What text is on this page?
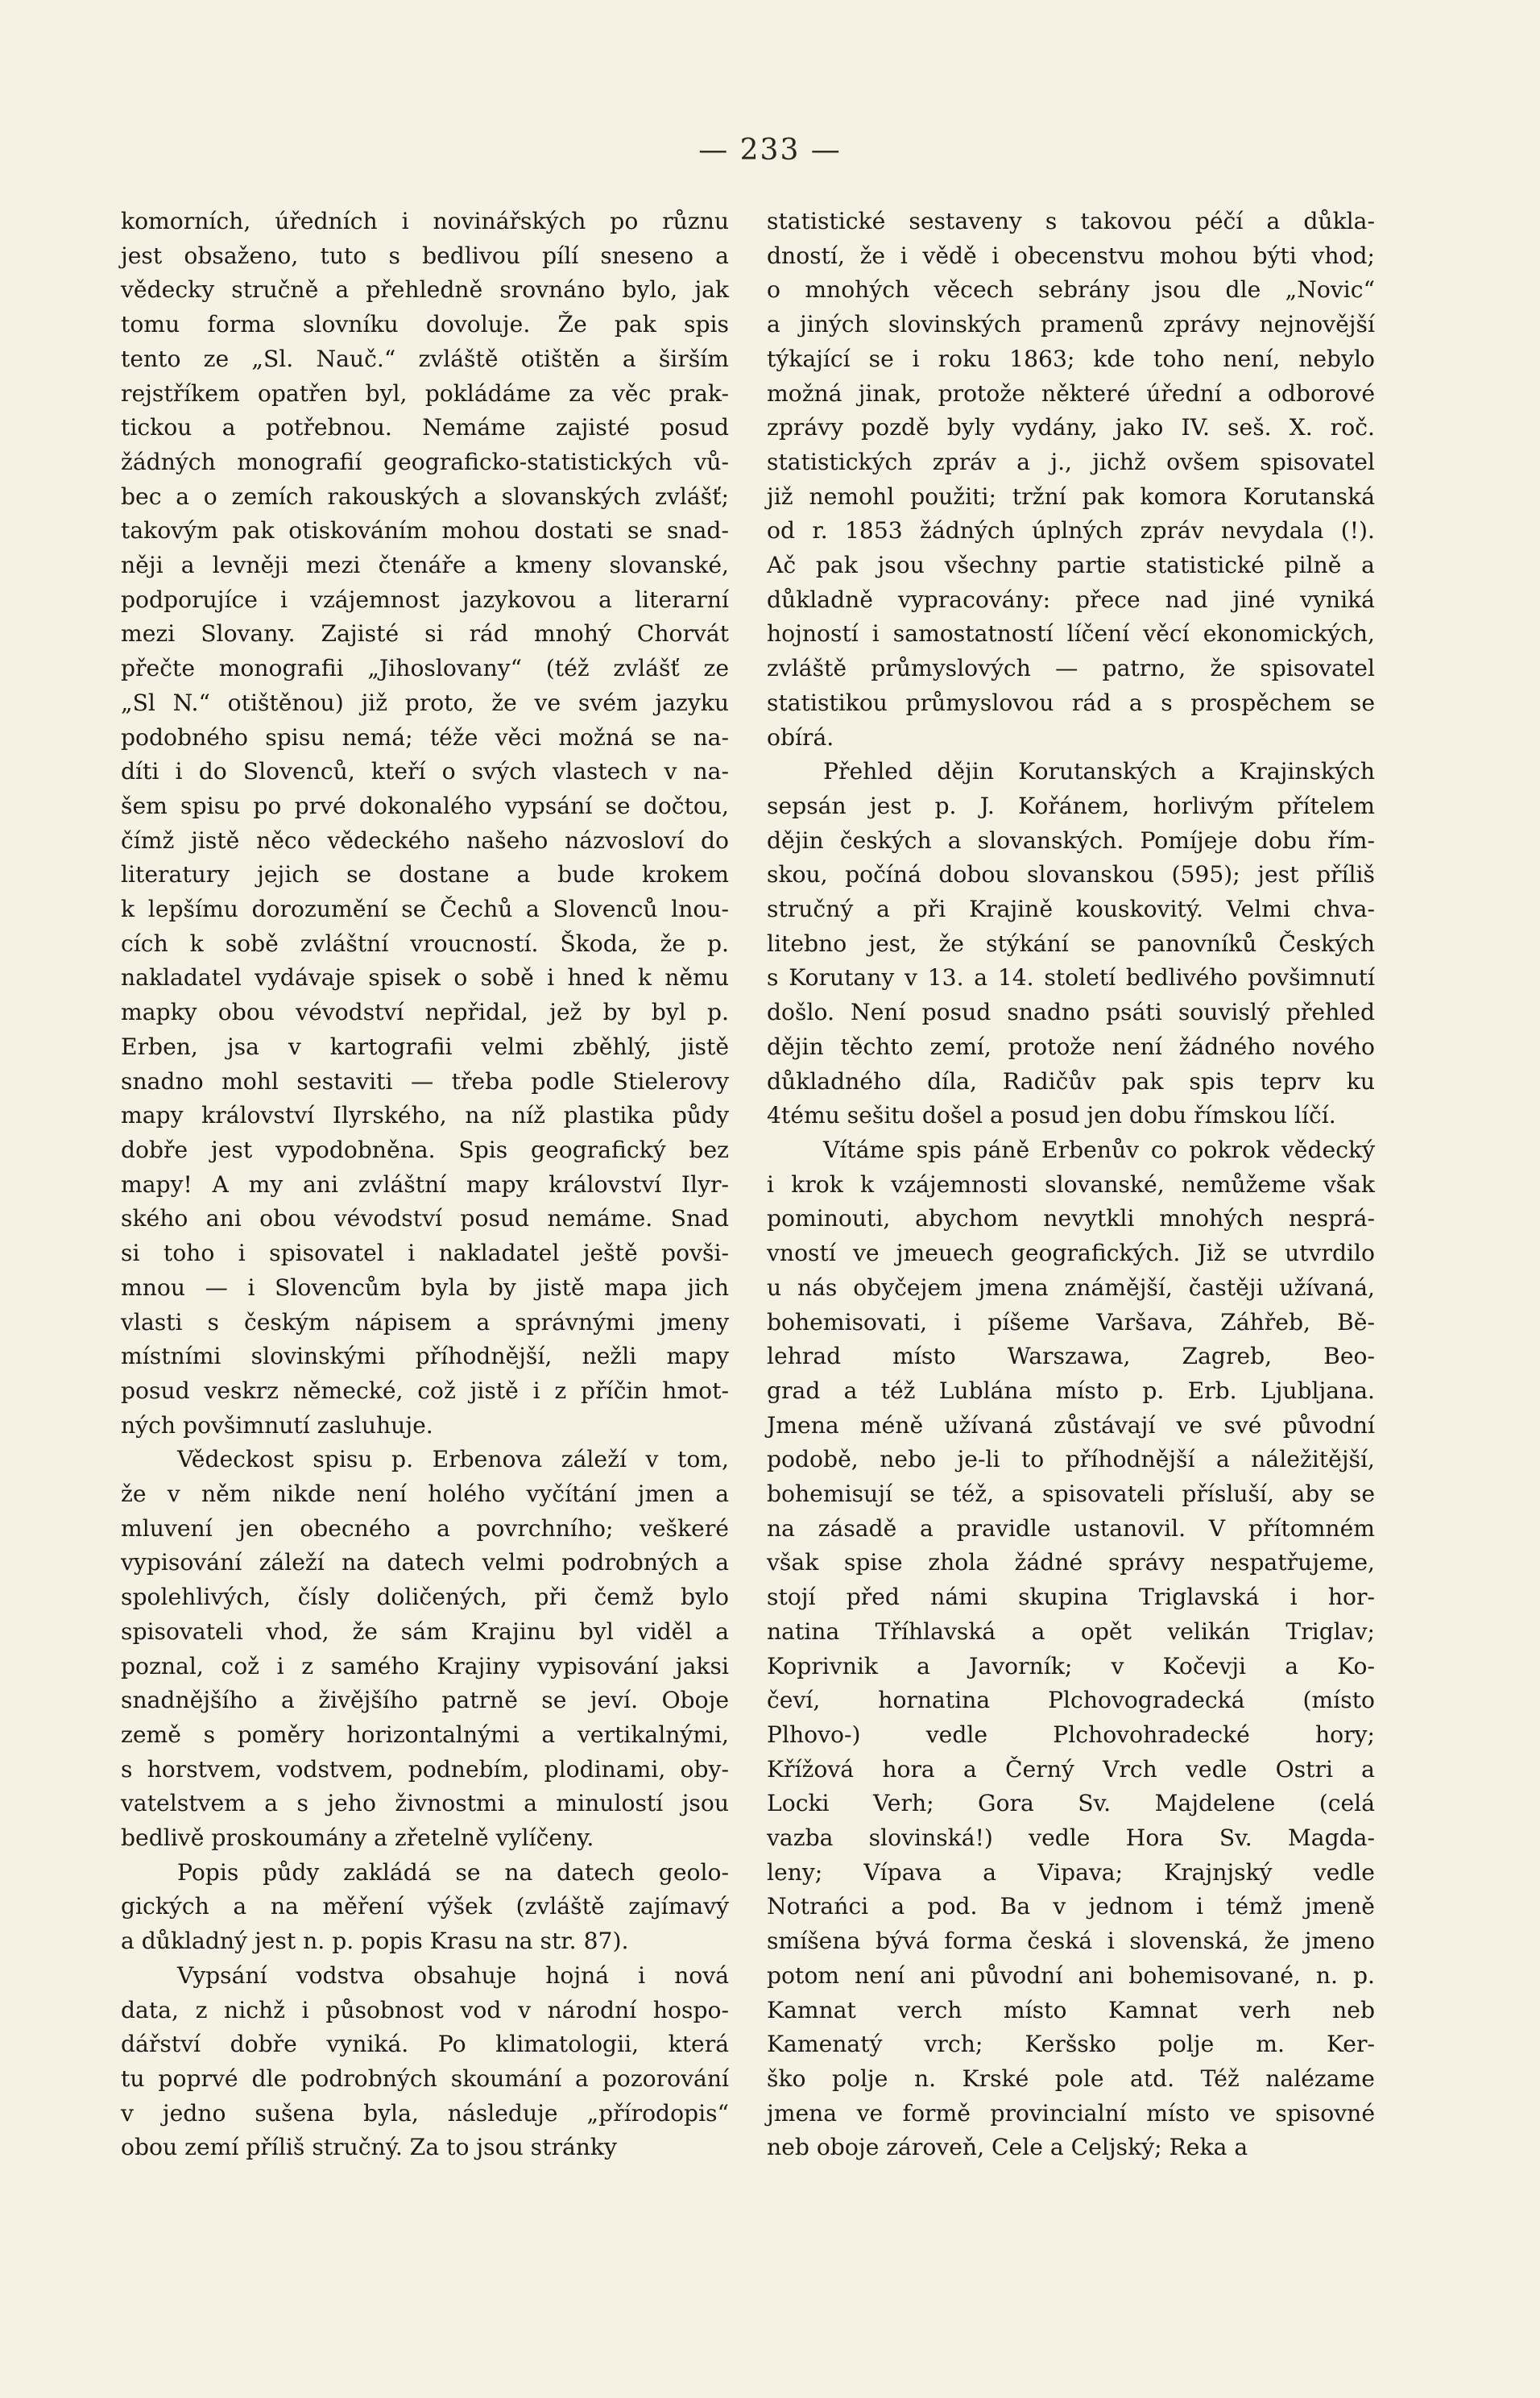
— 233 —

komorních, úředních i novinářských po různu
jest obsaženo, tuto s bedlivou pílí sneseno a
vědecky stručně a přehledně srovnáno bylo, jak
tomu forma slovníku dovoluje. Že pak spis
tento ze „Sl. Nauč.“ zvláště otištěn a širším
rejstříkem opatřen byl, pokládáme za věc prak-
tickou a potřebnou. Nemáme zajisté posud
žádných monografií geograficko-statistických vů-
bec a o zemích rakouských a slovanských zvlášť;
takovým pak otiskováním mohou dostati se snad-
něji a levněji mezi čtenáře a kmeny slovanské,
podporujíce i vzájemnost jazykovou a literarní
mezi Slovany. Zajisté si rád mnohý Chorvát
přečte monografii „Jihoslovany“ (též zvlášť ze
„Sl N.“ otištěnou) již proto, že ve svém jazyku
podobného spisu nemá; téže věci možná se na-
díti i do Slovenců, kteří o svých vlastech v na-
šem spisu po prvé dokonalého vypsání se dočtou,
čímž jistě něco vědeckého našeho názvosloví do
literatury jejich se dostane a bude krokem
k lepšímu dorozumění se Čechů a Slovenců lnou-
cích k sobě zvláštní vroucností. Škoda, že p.
nakladatel vydávaje spisek o sobě i hned k němu
mapky obou vévodství nepřidal, jež by byl p.
Erben, jsa v kartografii velmi zběhlý, jistě
snadno mohl sestaviti — třeba podle Stielerovy
mapy království Ilyrského, na níž plastika půdy
dobře jest vypodobněna. Spis geografický bez
mapy! A my ani zvláštní mapy království Ilyr-
ského ani obou vévodství posud nemáme. Snad
si toho i spisovatel i nakladatel ještě povši-
mnou — i Slovencům byla by jistě mapa jich
vlasti s českým nápisem a správnými jmeny
místními slovinskými příhodnější, nežli mapy
posud veskrz německé, což jistě i z příčin hmot-
ných povšimnutí zasluhuje.

Vědeckost spisu p. Erbenova záleží v tom,
že v něm nikde není holého vyčítání jmen a
mluvení jen obecného a povrchního; veškeré
vypisování záleží na datech velmi podrobných a
spolehlivých, čísly doličených, při čemž bylo
spisovateli vhod, že sám Krajinu byl viděl a
poznal, což i z samého Krajiny vypisování jaksi
snadnějšího a živějšího patrně se jeví. Oboje
země s poměry horizontalnými a vertikalnými,
s horstvem, vodstvem, podnebím, plodinami, oby-
vatelstvem a s jeho živnostmi a minulostí jsou
bedlivě proskoumány a zřetelně vylíčeny.

Popis půdy zakládá se na datech geolo-
gických a na měření výšek (zvláště zajímavý
a důkladný jest n. p. popis Krasu na str. 87).

Vypsání vodstva obsahuje hojná i nová
data, z nichž i působnost vod v národní hospo-
dářství dobře vyniká. Po klimatologii, která
tu poprvé dle podrobných skoumání a pozorování
v jedno sušena byla, následuje „přírodopis“
obou zemí příliš stručný. Za to jsou stránky

statistické sestaveny s takovou péčí a důkla-
dností, že i vědě i obecenstvu mohou býti vhod;
o mnohých věcech sebrány jsou dle „Novic“
a jiných slovinských pramenů zprávy nejnovější
týkající se i roku 1863; kde toho není, nebylo
možná jinak, protože některé úřední a odborové
zprávy pozdě byly vydány, jako IV. seš. X. roč.
statistických zpráv a j., jichž ovšem spisovatel
již nemohl použiti; tržní pak komora Korutanská
od r. 1853 žádných úplných zpráv nevydala (!).
Ač pak jsou všechny partie statistické pilně a
důkladně vypracovány: přece nad jiné vyniká
hojností i samostatností líčení věcí ekonomických,
zvláště průmyslových — patrno, že spisovatel
statistikou průmyslovou rád a s prospěchem se
obírá.

Přehled dějin Korutanských a Krajinských
sepsán jest p. J. Kořánem, horlivým přítelem
dějin českých a slovanských. Pomíjeje dobu řím-
skou, počíná dobou slovanskou (595); jest příliš
stručný a při Krajině kouskovitý. Velmi chva-
litebno jest, že stýkání se panovníků Českých
s Korutany v 13. a 14. století bedlivého povšimnutí
došlo. Není posud snadno psáti souvislý přehled
dějin těchto zemí, protože není žádného nového
důkladného díla, Radičův pak spis teprv ku
4tému sešitu došel a posud jen dobu římskou líčí.

Vítáme spis páně Erbenův co pokrok vědecký
i krok k vzájemnosti slovanské, nemůžeme však
pominouti, abychom nevytkli mnohých nesprá-
vností ve jmeuech geografických. Již se utvrdilo
u nás obyčejem jmena známější, častěji užívaná,
bohemisovati, i píšeme Varšava, Záhřeb, Bě-
lehrad místo Warszawa, Zagreb, Beo-
grad a též Lublána místo p. Erb. Ljubljana.
Jmena méně užívaná zůstávají ve své původní
podobě, nebo je-li to příhodnější a náležitější,
bohemisují se též, a spisovateli přísluší, aby se
na zásadě a pravidle ustanovil. V přítomném
však spise zhola žádné správy nespatřujeme,
stojí před námi skupina Triglavská i hor-
natina Tříhlavská a opět velikán Triglav;
Koprivnik a Javorník; v Kočevji a Ko-
čeví, hornatina Plchovogradecká (místo
Plhovo-) vedle Plchovohradecké hory;
Křížová hora a Černý Vrch vedle Ostri a
Locki Verh; Gora Sv. Majdelene (celá
vazba slovinská!) vedle Hora Sv. Magda-
leny; Vípava a Vipava; Krajnjský vedle
Notrańci a pod. Ba v jednom i témž jmeně
smíšena bývá forma česká i slovenská, že jmeno
potom není ani původní ani bohemisované, n. p.
Kamnat verch místo Kamnat verh neb
Kamenatý vrch; Keršsko polje m. Ker-
ško polje n. Krské pole atd. Též nalézame
jmena ve formě provincialní místo ve spisovné
neb oboje zároveň, Cele a Celjský; Reka a
